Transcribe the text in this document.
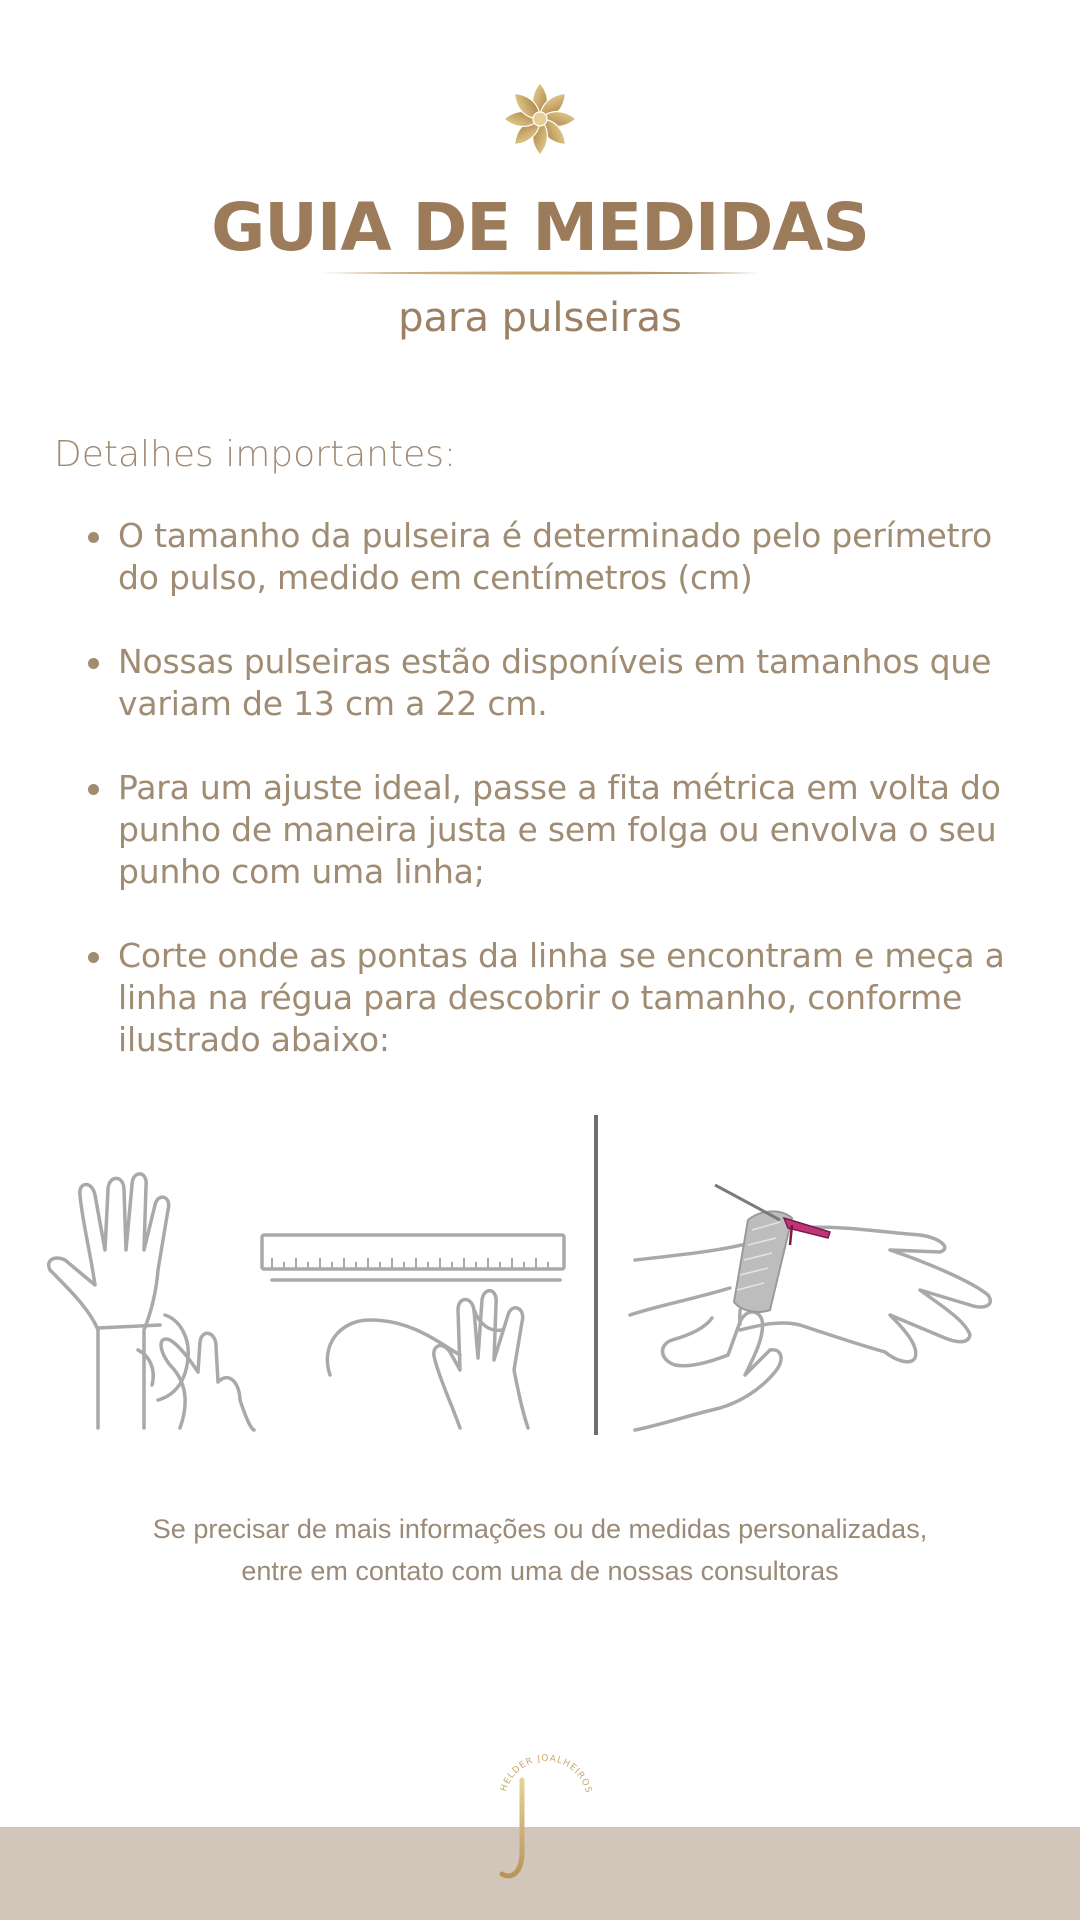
GUIA DE MEDIDAS

para pulseiras

Detalhes importantes:

O tamanho da pulseira é determinado pelo perímetro do pulso, medido em centímetros (cm)
Nossas pulseiras estão disponíveis em tamanhos que variam de 13 cm a 22 cm.
Para um ajuste ideal, passe a fita métrica em volta do punho de maneira justa e sem folga ou envolva o seu punho com uma linha;
Corte onde as pontas da linha se encontram e meça a linha na régua para descobrir o tamanho, conforme ilustrado abaixo:

Se precisar de mais informações ou de medidas personalizadas,
entre em contato com uma de nossas consultoras

HELDER JOALHEIROS
